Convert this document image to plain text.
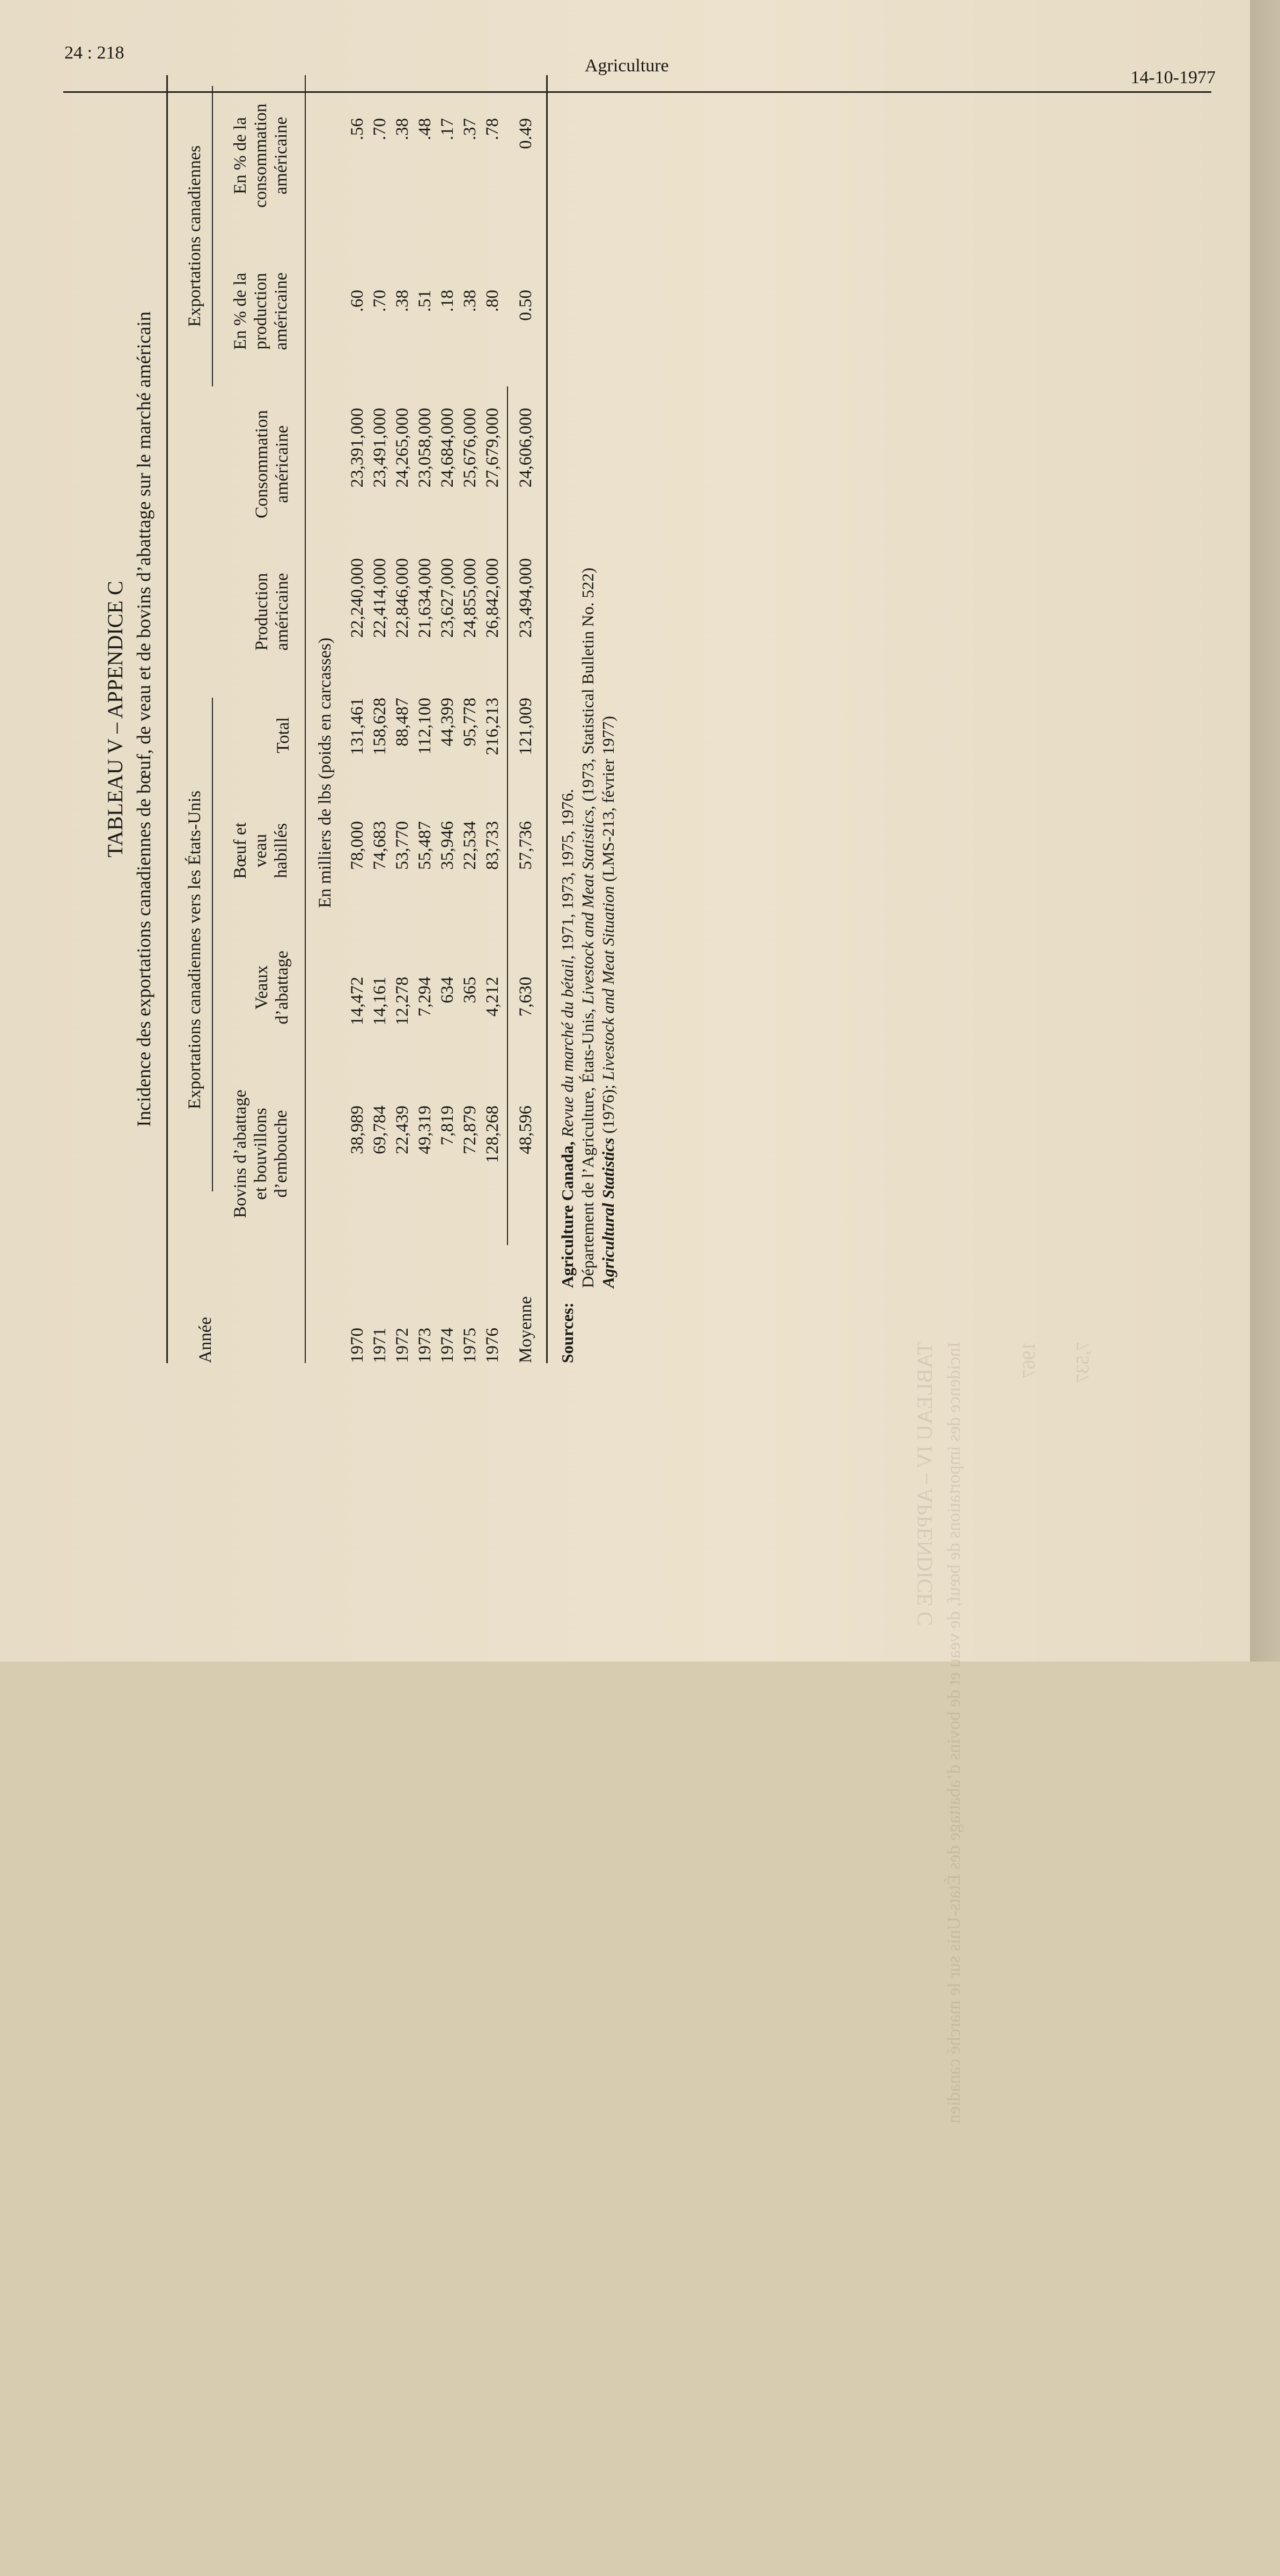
TABLEAU IV – APPENDICE C Incidence des importations de bœuf, de veau et de bovins d’abattage des États-Unis sur le marché canadien	1967 7,537
24 : 218
Agriculture
14-10-1977
TABLEAU V – APPENDICE C Incidence des exportations canadiennes de bœuf, de veau et de bovins d’abattage sur le marché américain
Année
Exportations canadiennes vers les États-Unis
Exportations canadiennes
Bovins d’abattage et bouvillons d’embouche
Veaux d’abattage
Bœuf et veau habillés
Total
Production américaine
Consommation américaine
En % de la production américaine
En % de la consommation américaine
En milliers de lbs (poids en carcasses)
1970
38,989
14,472
78,000
131,461
22,240,000
23,391,000
.60
.56
1971
69,784
14,161
74,683
158,628
22,414,000
23,491,000
.70
.70
1972
22,439
12,278
53,770
88,487
22,846,000
24,265,000
.38
.38
1973
49,319
7,294
55,487
112,100
21,634,000
23,058,000
.51
.48
1974
7,819
634
35,946
44,399
23,627,000
24,684,000
.18
.17
1975
72,879
365
22,534
95,778
24,855,000
25,676,000
.38
.37
1976
128,268
4,212
83,733
216,213
26,842,000
27,679,000
.80
.78
Moyenne
48,596
7,630
57,736
121,009
23,494,000
24,606,000
0.50
0.49
Sources:
Agriculture Canada, Revue du marché du bétail, 1971, 1973, 1975, 1976.
Département de l’Agriculture, États-Unis, Livestock and Meat Statistics, (1973, Statistical Bulletin No. 522)
Agricultural Statistics (1976); Livestock and Meat Situation (LMS-213, février 1977)
